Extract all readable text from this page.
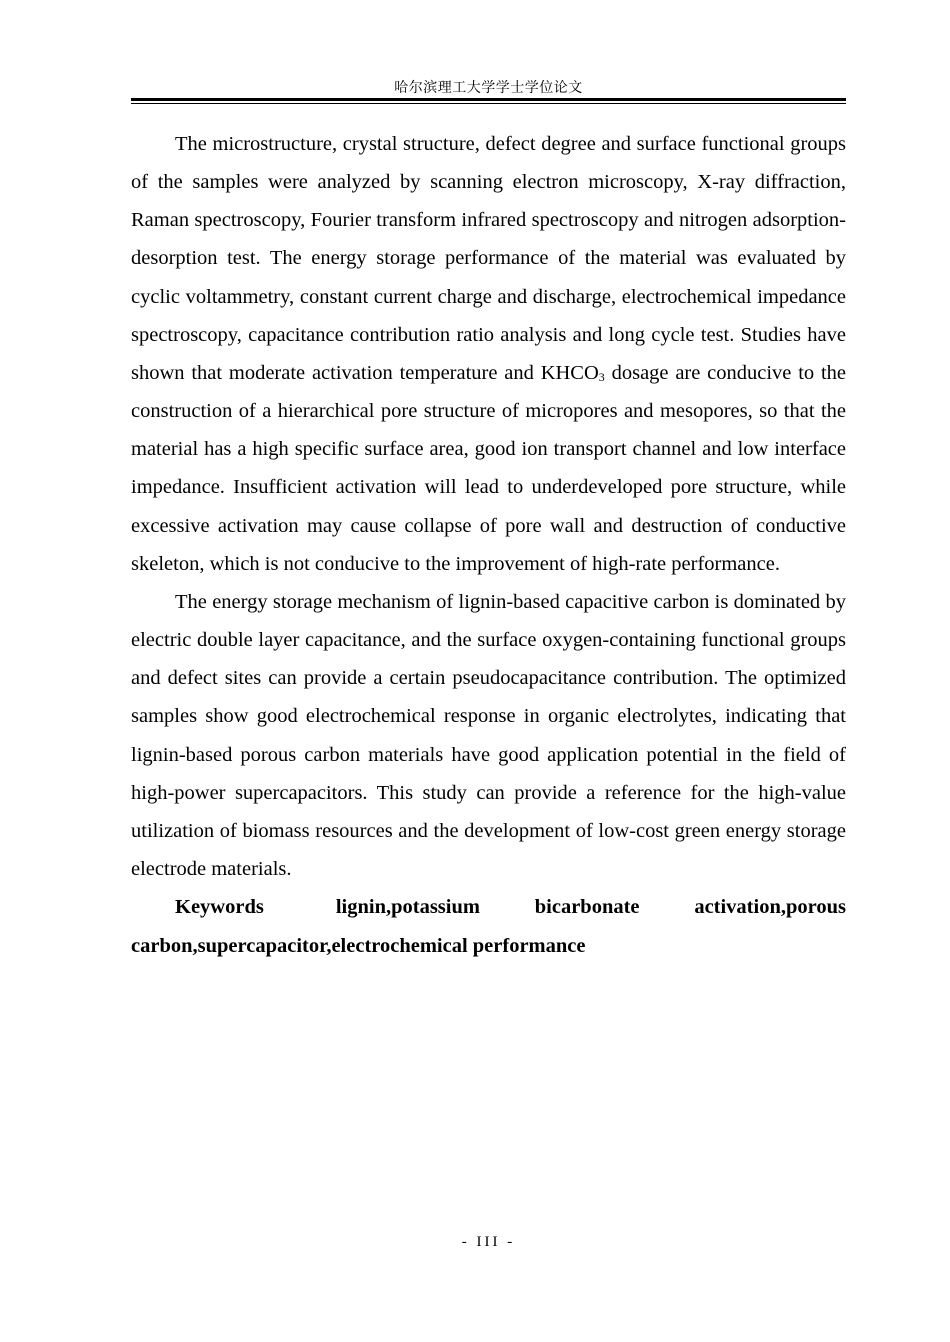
哈尔滨理工大学学士学位论文

The microstructure, crystal structure, defect degree and surface functional groups of the samples were analyzed by scanning electron microscopy, X-ray diffraction, Raman spectroscopy, Fourier transform infrared spectroscopy and nitrogen adsorption-desorption test. The energy storage performance of the material was evaluated by cyclic voltammetry, constant current charge and discharge, electrochemical impedance spectroscopy, capacitance contribution ratio analysis and long cycle test. Studies have shown that moderate activation temperature and $KHCO_3$ dosage are conducive to the construction of a hierarchical pore structure of micropores and mesopores, so that the material has a high specific surface area, good ion transport channel and low interface impedance. Insufficient activation will lead to underdeveloped pore structure, while excessive activation may cause collapse of pore wall and destruction of conductive skeleton, which is not conducive to the improvement of high-rate performance.

The energy storage mechanism of lignin-based capacitive carbon is dominated by electric double layer capacitance, and the surface oxygen-containing functional groups and defect sites can provide a certain pseudocapacitance contribution. The optimized samples show good electrochemical response in organic electrolytes, indicating that lignin-based porous carbon materials have good application potential in the field of high-power supercapacitors. This study can provide a reference for the high-value utilization of biomass resources and the development of low-cost green energy storage electrode materials.

Keywords	lignin,potassium bicarbonate activation,porous carbon,supercapacitor,electrochemical performance

- III -
